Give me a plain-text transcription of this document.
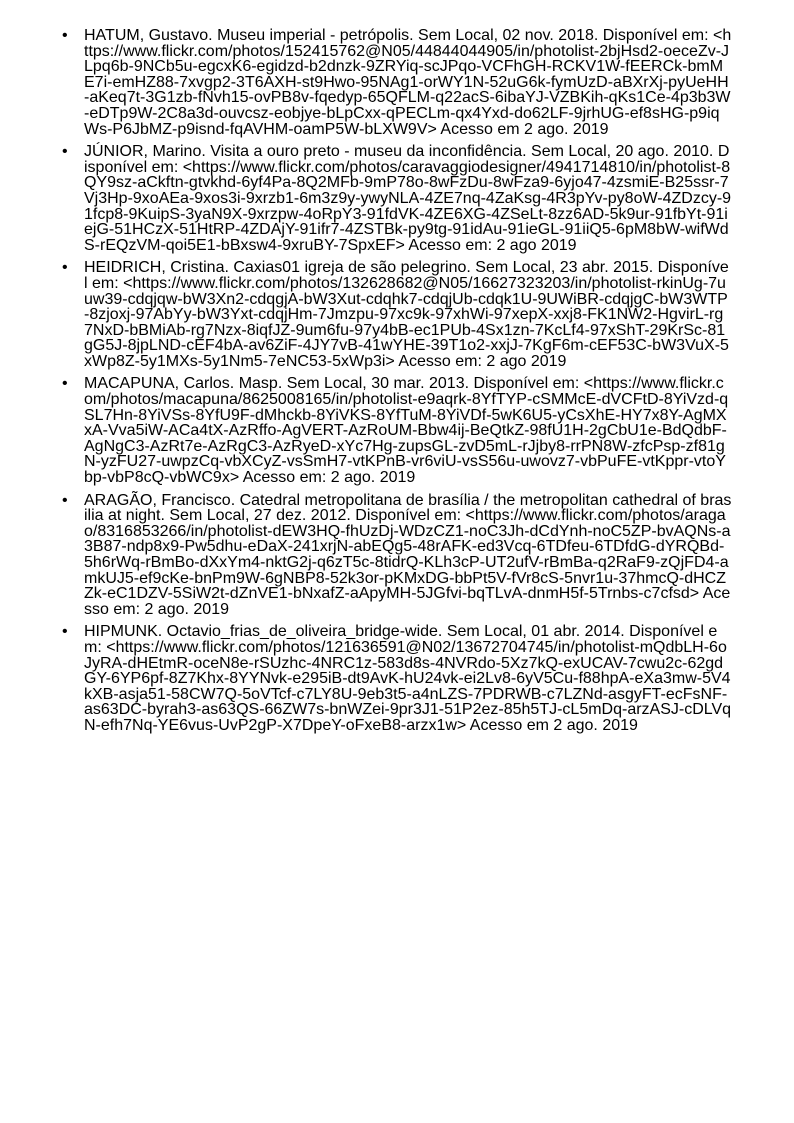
• HATUM, Gustavo. Museu imperial - petrópolis. Sem Local, 02 nov. 2018. Disponível em: <https://www.flickr.com/photos/152415762@N05/44844044905/in/photolist-2bjHsd2-oeceZv-JLpq6b-9NCb5u-egcxK6-egidzd-b2dnzk-9ZRYiq-scJPqo-VCFhGH-RCKV1W-fEERCk-bmME7i-emHZ88-7xvgp2-3T6AXH-st9Hwo-95NAg1-orWY1N-52uG6k-fymUzD-aBXrXj-pyUeHH-aKeq7t-3G1zb-fNvh15-ovPB8v-fqedyp-65QFLM-q22acS-6ibaYJ-VZBKih-qKs1Ce-4p3b3W-eDTp9W-2C8a3d-ouvcsz-eobjye-bLpCxx-qPECLm-qx4Yxd-do62LF-9jrhUG-ef8sHG-p9iqWs-P6JbMZ-p9isnd-fqAVHM-oamP5W-bLXW9V> Acesso em 2 ago. 2019
• JÚNIOR, Marino. Visita a ouro preto - museu da inconfidência. Sem Local, 20 ago. 2010. Disponível em: <https://www.flickr.com/photos/caravaggiodesigner/4941714810/in/photolist-8QY9sz-aCkftn-gtvkhd-6yf4Pa-8Q2MFb-9mP78o-8wFzDu-8wFza9-6yjo47-4zsmiE-B25ssr-7Vj3Hp-9xoAEa-9xos3i-9xrzb1-6m3z9y-ywyNLA-4ZE7nq-4ZaKsg-4R3pYv-py8oW-4ZDzcy-91fcp8-9KuipS-3yaN9X-9xrzpw-4oRpY3-91fdVK-4ZE6XG-4ZSeLt-8zz6AD-5k9ur-91fbYt-91iejG-51HCzX-51HtRP-4ZDAjY-91ifr7-4ZSTBk-py9tg-91idAu-91ieGL-91iiQ5-6pM8bW-wifWdS-rEQzVM-qoi5E1-bBxsw4-9xruBY-7SpxEF> Acesso em: 2 ago 2019
• HEIDRICH, Cristina. Caxias01 igreja de são pelegrino. Sem Local, 23 abr. 2015. Disponível em: <https://www.flickr.com/photos/132628682@N05/16627323203/in/photolist-rkinUg-7uuw39-cdqjqw-bW3Xn2-cdqgjA-bW3Xut-cdqhk7-cdqjUb-cdqk1U-9UWiBR-cdqjgC-bW3WTP-8zjoxj-97AbYy-bW3Yxt-cdqjHm-7Jmzpu-97xc9k-97xhWi-97xepX-xxj8-FK1NW2-HgvirL-rg7NxD-bBMiAb-rg7Nzx-8iqfJZ-9um6fu-97y4bB-ec1PUb-4Sx1zn-7KcLf4-97xShT-29KrSc-81gG5J-8jpLND-cEF4bA-av6ZiF-4JY7vB-41wYHE-39T1o2-xxjJ-7KgF6m-cEF53C-bW3VuX-5xWp8Z-5y1MXs-5y1Nm5-7eNC53-5xWp3i> Acesso em: 2 ago 2019
• MACAPUNA, Carlos. Masp. Sem Local, 30 mar. 2013. Disponível em: <https://www.flickr.com/photos/macapuna/8625008165/in/photolist-e9aqrk-8YfTYP-cSMMcE-dVCFtD-8YiVzd-qSL7Hn-8YiVSs-8YfU9F-dMhckb-8YiVKS-8YfTuM-8YiVDf-5wK6U5-yCsXhE-HY7x8Y-AgMXxA-Vva5iW-ACa4tX-AzRffo-AgVERT-AzRoUM-Bbw4ij-BeQtkZ-98fU1H-2gCbU1e-BdQdbF-AgNgC3-AzRt7e-AzRgC3-AzRyeD-xYc7Hg-zupsGL-zvD5mL-rJjby8-rrPN8W-zfcPsp-zf81gN-yzFU27-uwpzCq-vbXCyZ-vsSmH7-vtKPnB-vr6viU-vsS56u-uwovz7-vbPuFE-vtKppr-vtoYbp-vbP8cQ-vbWC9x> Acesso em: 2 ago. 2019
• ARAGÃO, Francisco. Catedral metropolitana de brasília / the metropolitan cathedral of brasilia at night. Sem Local, 27 dez. 2012. Disponível em: <https://www.flickr.com/photos/aragao/8316853266/in/photolist-dEW3HQ-fhUzDj-WDzCZ1-noC3Jh-dCdYnh-noC5ZP-bvAQNs-a3B87-ndp8x9-Pw5dhu-eDaX-241xrjN-abEQg5-48rAFK-ed3Vcq-6TDfeu-6TDfdG-dYRQBd-5h6rWq-rBmBo-dXxYm4-nktG2j-q6zT5c-8tidrQ-KLh3cP-UT2ufV-rBmBa-q2RaF9-zQjFD4-amkUJ5-ef9cKe-bnPm9W-6gNBP8-52k3or-pKMxDG-bbPt5V-fVr8cS-5nvr1u-37hmcQ-dHCZZk-eC1DZV-5SiW2t-dZnVE1-bNxafZ-aApyMH-5JGfvi-bqTLvA-dnmH5f-5Trnbs-c7cfsd> Acesso em: 2 ago. 2019
• HIPMUNK. Octavio_frias_de_oliveira_bridge-wide. Sem Local, 01 abr. 2014. Disponível em: <https://www.flickr.com/photos/121636591@N02/13672704745/in/photolist-mQdbLH-6oJyRA-dHEtmR-oceN8e-rSUzhc-4NRC1z-583d8s-4NVRdo-5Xz7kQ-exUCAV-7cwu2c-62gdGY-6YP6pf-8Z7Khx-8YYNvk-e295iB-dt9AvK-hU24vk-ei2Lv8-6yV5Cu-f88hpA-eXa3mw-5V4kXB-asja51-58CW7Q-5oVTcf-c7LY8U-9eb3t5-a4nLZS-7PDRWB-c7LZNd-asgyFT-ecFsNF-as63DC-byrah3-as63QS-66ZW7s-bnWZei-9pr3J1-51P2ez-85h5TJ-cL5mDq-arzASJ-cDLVqN-efh7Nq-YE6vus-UvP2gP-X7DpeY-oFxeB8-arzx1w> Acesso em 2 ago. 2019
